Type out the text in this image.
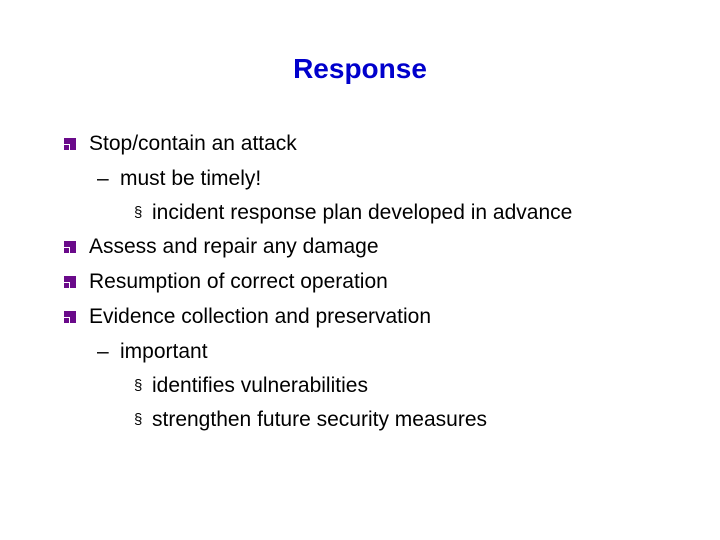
Response
Stop/contain an attack
– must be timely!
§ incident response plan developed in advance
Assess and repair any damage
Resumption of correct operation
Evidence collection and preservation
– important
§ identifies vulnerabilities
§ strengthen future security measures
